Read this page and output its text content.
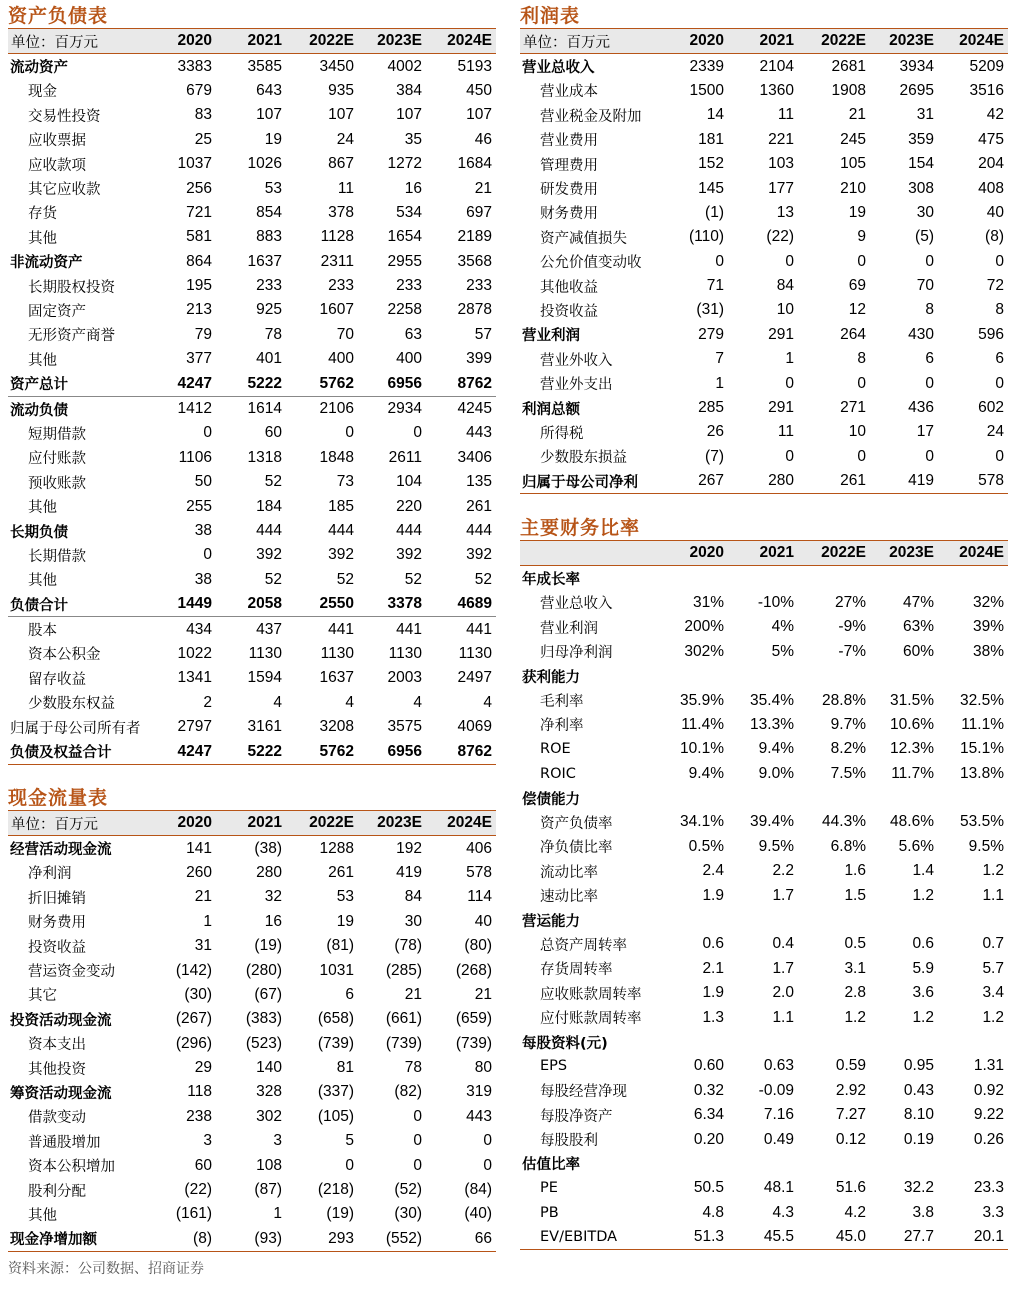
资产负债表
单位：百万元	2020	2021	2022E	2023E	2024E
流动资产	3383	3585	3450	4002	5193
现金	679	643	935	384	450
交易性投资	83	107	107	107	107
应收票据	25	19	24	35	46
应收款项	1037	1026	867	1272	1684
其它应收款	256	53	11	16	21
存货	721	854	378	534	697
其他	581	883	1128	1654	2189
非流动资产	864	1637	2311	2955	3568
长期股权投资	195	233	233	233	233
固定资产	213	925	1607	2258	2878
无形资产商誉	79	78	70	63	57
其他	377	401	400	400	399
资产总计	4247	5222	5762	6956	8762
流动负债	1412	1614	2106	2934	4245
短期借款	0	60	0	0	443
应付账款	1106	1318	1848	2611	3406
预收账款	50	52	73	104	135
其他	255	184	185	220	261
长期负债	38	444	444	444	444
长期借款	0	392	392	392	392
其他	38	52	52	52	52
负债合计	1449	2058	2550	3378	4689
股本	434	437	441	441	441
资本公积金	1022	1130	1130	1130	1130
留存收益	1341	1594	1637	2003	2497
少数股东权益	2	4	4	4	4
归属于母公司所有者	2797	3161	3208	3575	4069
负债及权益合计	4247	5222	5762	6956	8762
现金流量表
单位：百万元	2020	2021	2022E	2023E	2024E
经营活动现金流	141	(38)	1288	192	406
净利润	260	280	261	419	578
折旧摊销	21	32	53	84	114
财务费用	1	16	19	30	40
投资收益	31	(19)	(81)	(78)	(80)
营运资金变动	(142)	(280)	1031	(285)	(268)
其它	(30)	(67)	6	21	21
投资活动现金流	(267)	(383)	(658)	(661)	(659)
资本支出	(296)	(523)	(739)	(739)	(739)
其他投资	29	140	81	78	80
筹资活动现金流	118	328	(337)	(82)	319
借款变动	238	302	(105)	0	443
普通股增加	3	3	5	0	0
资本公积增加	60	108	0	0	0
股利分配	(22)	(87)	(218)	(52)	(84)
其他	(161)	1	(19)	(30)	(40)
现金净增加额	(8)	(93)	293	(552)	66
利润表
单位：百万元	2020	2021	2022E	2023E	2024E
营业总收入	2339	2104	2681	3934	5209
营业成本	1500	1360	1908	2695	3516
营业税金及附加	14	11	21	31	42
营业费用	181	221	245	359	475
管理费用	152	103	105	154	204
研发费用	145	177	210	308	408
财务费用	(1)	13	19	30	40
资产减值损失	(110)	(22)	9	(5)	(8)
公允价值变动收	0	0	0	0	0
其他收益	71	84	69	70	72
投资收益	(31)	10	12	8	8
营业利润	279	291	264	430	596
营业外收入	7	1	8	6	6
营业外支出	1	0	0	0	0
利润总额	285	291	271	436	602
所得税	26	11	10	17	24
少数股东损益	(7)	0	0	0	0
归属于母公司净利	267	280	261	419	578
主要财务比率
	2020	2021	2022E	2023E	2024E
年成长率					
营业总收入	31%	-10%	27%	47%	32%
营业利润	200%	4%	-9%	63%	39%
归母净利润	302%	5%	-7%	60%	38%
获利能力					
毛利率	35.9%	35.4%	28.8%	31.5%	32.5%
净利率	11.4%	13.3%	9.7%	10.6%	11.1%
ROE	10.1%	9.4%	8.2%	12.3%	15.1%
ROIC	9.4%	9.0%	7.5%	11.7%	13.8%
偿债能力					
资产负债率	34.1%	39.4%	44.3%	48.6%	53.5%
净负债比率	0.5%	9.5%	6.8%	5.6%	9.5%
流动比率	2.4	2.2	1.6	1.4	1.2
速动比率	1.9	1.7	1.5	1.2	1.1
营运能力					
总资产周转率	0.6	0.4	0.5	0.6	0.7
存货周转率	2.1	1.7	3.1	5.9	5.7
应收账款周转率	1.9	2.0	2.8	3.6	3.4
应付账款周转率	1.3	1.1	1.2	1.2	1.2
每股资料(元)					
EPS	0.60	0.63	0.59	0.95	1.31
每股经营净现	0.32	-0.09	2.92	0.43	0.92
每股净资产	6.34	7.16	7.27	8.10	9.22
每股股利	0.20	0.49	0.12	0.19	0.26
估值比率					
PE	50.5	48.1	51.6	32.2	23.3
PB	4.8	4.3	4.2	3.8	3.3
EV/EBITDA	51.3	45.5	45.0	27.7	20.1
资料来源：公司数据、招商证券
